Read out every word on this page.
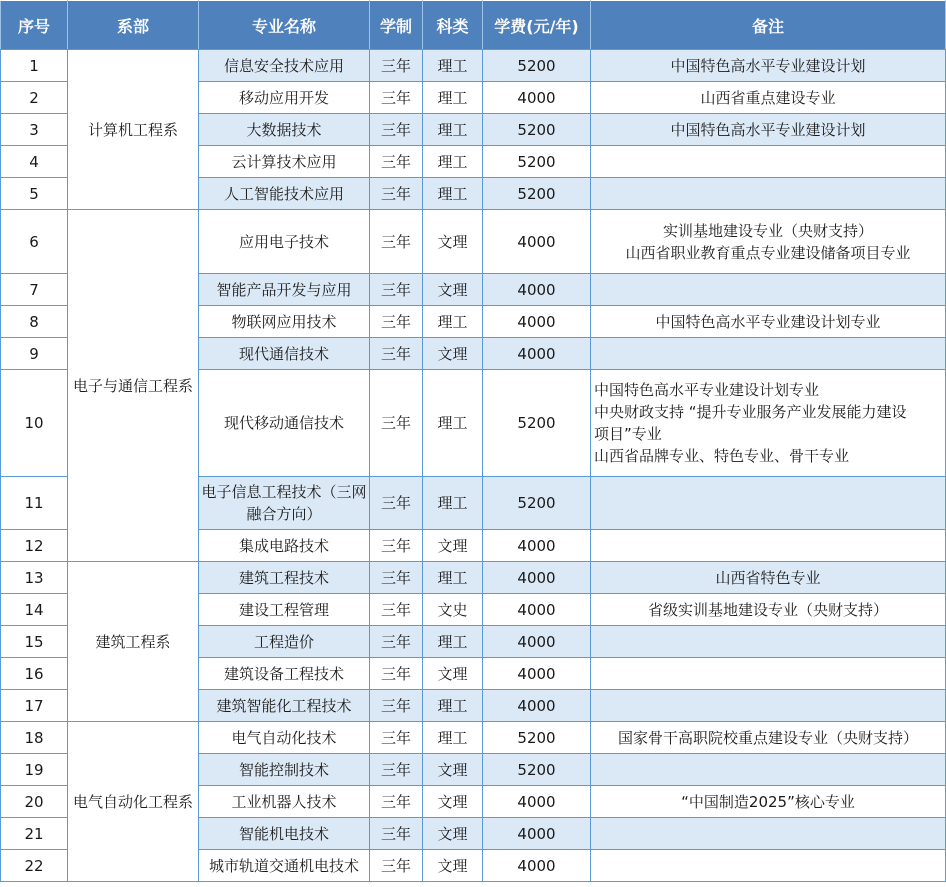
序号	系部	专业名称	学制	科类	学费(元/年)	备注
1	计算机工程系	信息安全技术应用	三年	理工	5200	中国特色高水平专业建设计划

2		移动应用开发	三年	理工	4000	山西省重点建设专业

3		大数据技术	三年	理工	5200	中国特色高水平专业建设计划

4		云计算技术应用	三年	理工	5200	

5		人工智能技术应用	三年	理工	5200	

6	电子与通信工程系	应用电子技术	三年	文理	4000	实训基地建设专业（央财支持）
山西省职业教育重点专业建设储备项目专业

7		智能产品开发与应用	三年	文理	4000	

8		物联网应用技术	三年	理工	4000	中国特色高水平专业建设计划专业

9		现代通信技术	三年	文理	4000	

10		现代移动通信技术	三年	理工	5200	中国特色高水平专业建设计划专业
中央财政支持 “提升专业服务产业发展能力建设
项目”专业
山西省品牌专业、特色专业、骨干专业

11		电子信息工程技术（三网融合方向）	三年	理工	5200	

12		集成电路技术	三年	文理	4000	

13	建筑工程系	建筑工程技术	三年	理工	4000	山西省特色专业

14		建设工程管理	三年	文史	4000	省级实训基地建设专业（央财支持）

15		工程造价	三年	理工	4000	

16		建筑设备工程技术	三年	文理	4000	

17		建筑智能化工程技术	三年	理工	4000	

18	电气自动化工程系	电气自动化技术	三年	理工	5200	国家骨干高职院校重点建设专业（央财支持）

19		智能控制技术	三年	文理	5200	

20		工业机器人技术	三年	文理	4000	“中国制造2025”核心专业

21		智能机电技术	三年	文理	4000	

22		城市轨道交通机电技术	三年	文理	4000	
